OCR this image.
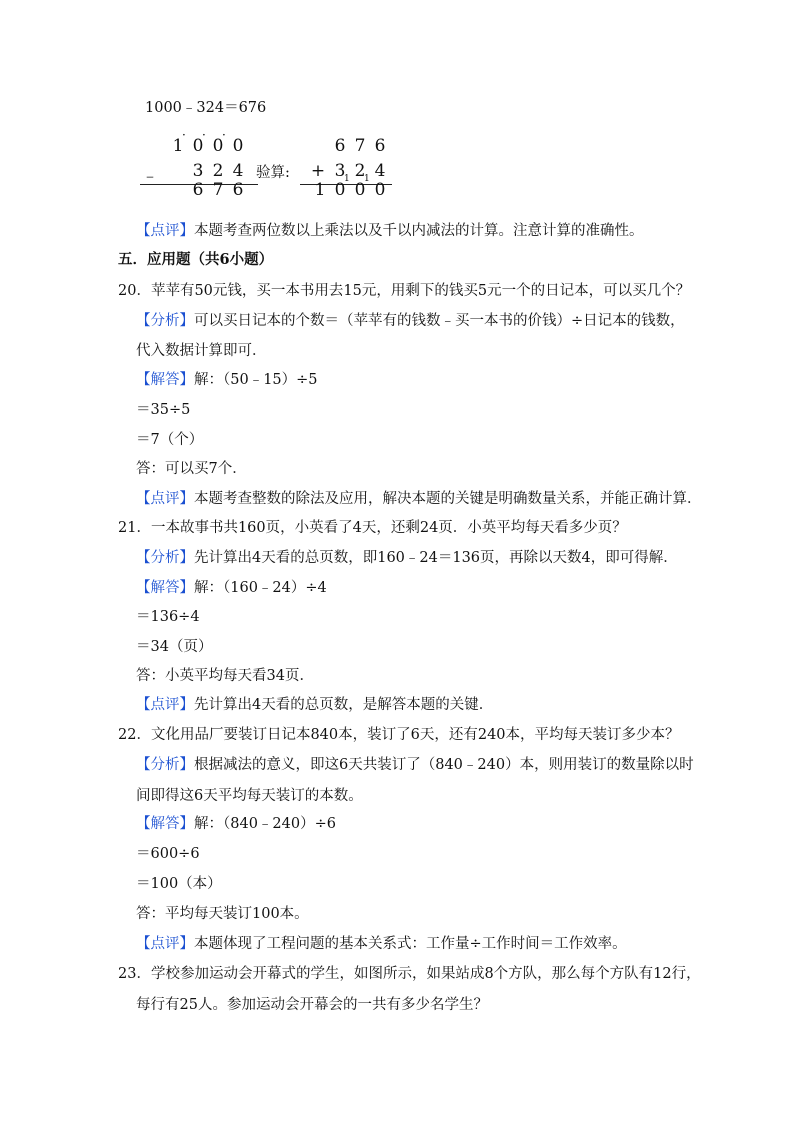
1000﹣324＝676
· · ·
1 0 0 0
﹣ 3 2 4
6 7 6
验算:
6 7 6
+ 3
1 2
1 4
1 0 0 0
【点评】本题考查两位数以上乘法以及千以内减法的计算。注意计算的准确性。
五．应用题（共6小题）
20．苹苹有50元钱，买一本书用去15元，用剩下的钱买5元一个的日记本，可以买几个？
【分析】可以买日记本的个数＝（苹苹有的钱数﹣买一本书的价钱）÷日记本的钱数，
代入数据计算即可．
【解答】解：（50﹣15）÷5
＝35÷5
＝7（个）
答：可以买7个．
【点评】本题考查整数的除法及应用，解决本题的关键是明确数量关系，并能正确计算．
21．一本故事书共160页，小英看了4天，还剩24页．小英平均每天看多少页？
【分析】先计算出4天看的总页数，即160﹣24＝136页，再除以天数4，即可得解．
【解答】解：（160﹣24）÷4
＝136÷4
＝34（页）
答：小英平均每天看34页．
【点评】先计算出4天看的总页数，是解答本题的关键．
22．文化用品厂要装订日记本840本，装订了6天，还有240本，平均每天装订多少本？
【分析】根据减法的意义，即这6天共装订了（840﹣240）本，则用装订的数量除以时
间即得这6天平均每天装订的本数。
【解答】解：（840﹣240）÷6
＝600÷6
＝100（本）
答：平均每天装订100本。
【点评】本题体现了工程问题的基本关系式：工作量÷工作时间＝工作效率。
23．学校参加运动会开幕式的学生，如图所示，如果站成8个方队，那么每个方队有12行，
每行有25人。参加运动会开幕会的一共有多少名学生？
